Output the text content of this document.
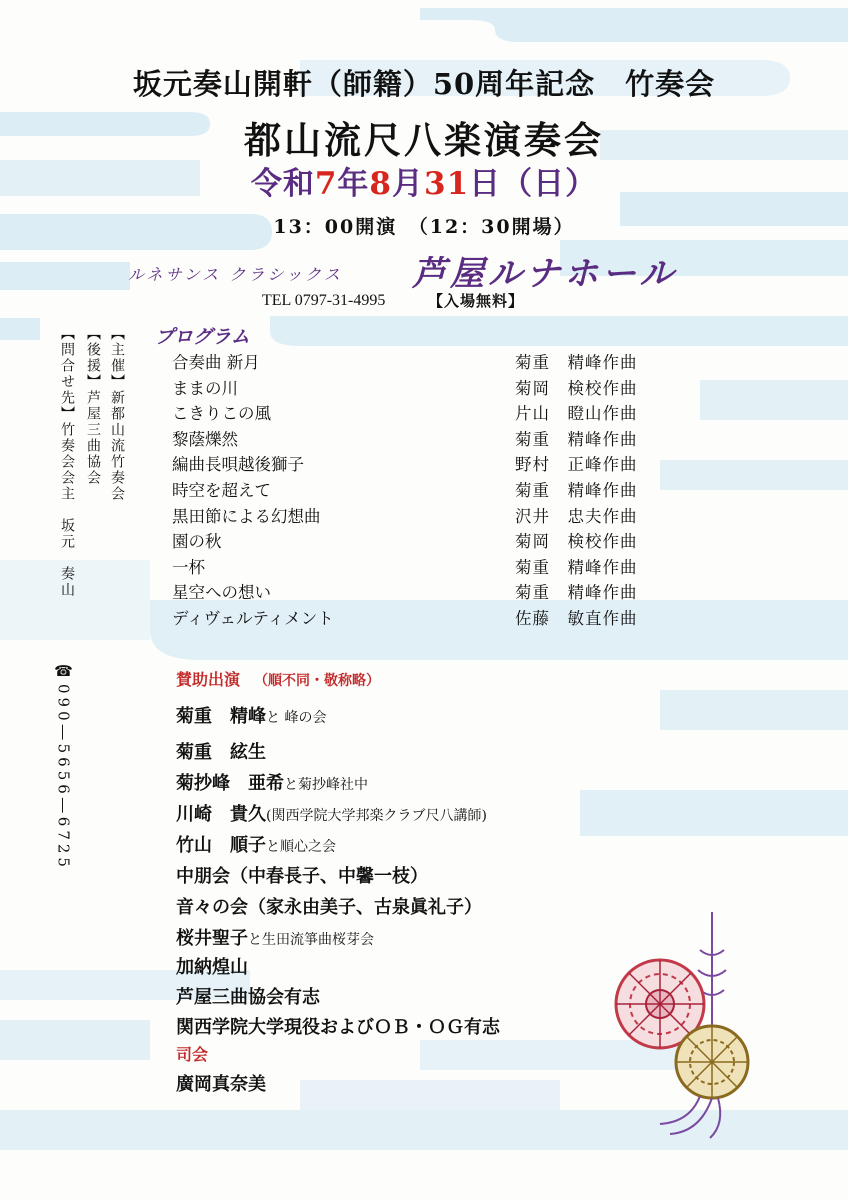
坂元奏山開軒（師籍）50周年記念　竹奏会
都山流尺八楽演奏会
令和7年8月31日（日）
13：00開演　（12：30開場）
ルネサンス クラシックス 芦屋ルナホール
TEL 0797-31-4995	【入場無料】
プログラム
合奏曲 新月	菊重　精峰作曲
ままの川	菊岡　検校作曲
こきりこの風	片山　瞪山作曲
黎蔭爍然	菊重　精峰作曲
編曲長唄越後獅子	野村　正峰作曲
時空を超えて	菊重　精峰作曲
黒田節による幻想曲	沢井　忠夫作曲
園の秋	菊岡　検校作曲
一杯	菊重　精峰作曲
星空への想い	菊重　精峰作曲
ディヴェルティメント	佐藤　敏直作曲
賛助出演 （順不同・敬称略）
菊重　精峰と 峰の会
菊重　絃生
菊抄峰　亜希と菊抄峰社中
川崎　貴久(関西学院大学邦楽クラブ尺八講師)
竹山　順子と順心之会
中朋会（中春長子、中馨一枝）
音々の会（家永由美子、古泉眞礼子）
桜井聖子と生田流箏曲桜芽会
加納煌山
芦屋三曲協会有志
関西学院大学現役およびＯＢ・ＯＧ有志
司会
廣岡真奈美
【主催】新都山流竹奏会
【後援】芦屋三曲協会
【問合せ先】竹奏会会主　坂元　奏山
☎090―5656―6725
